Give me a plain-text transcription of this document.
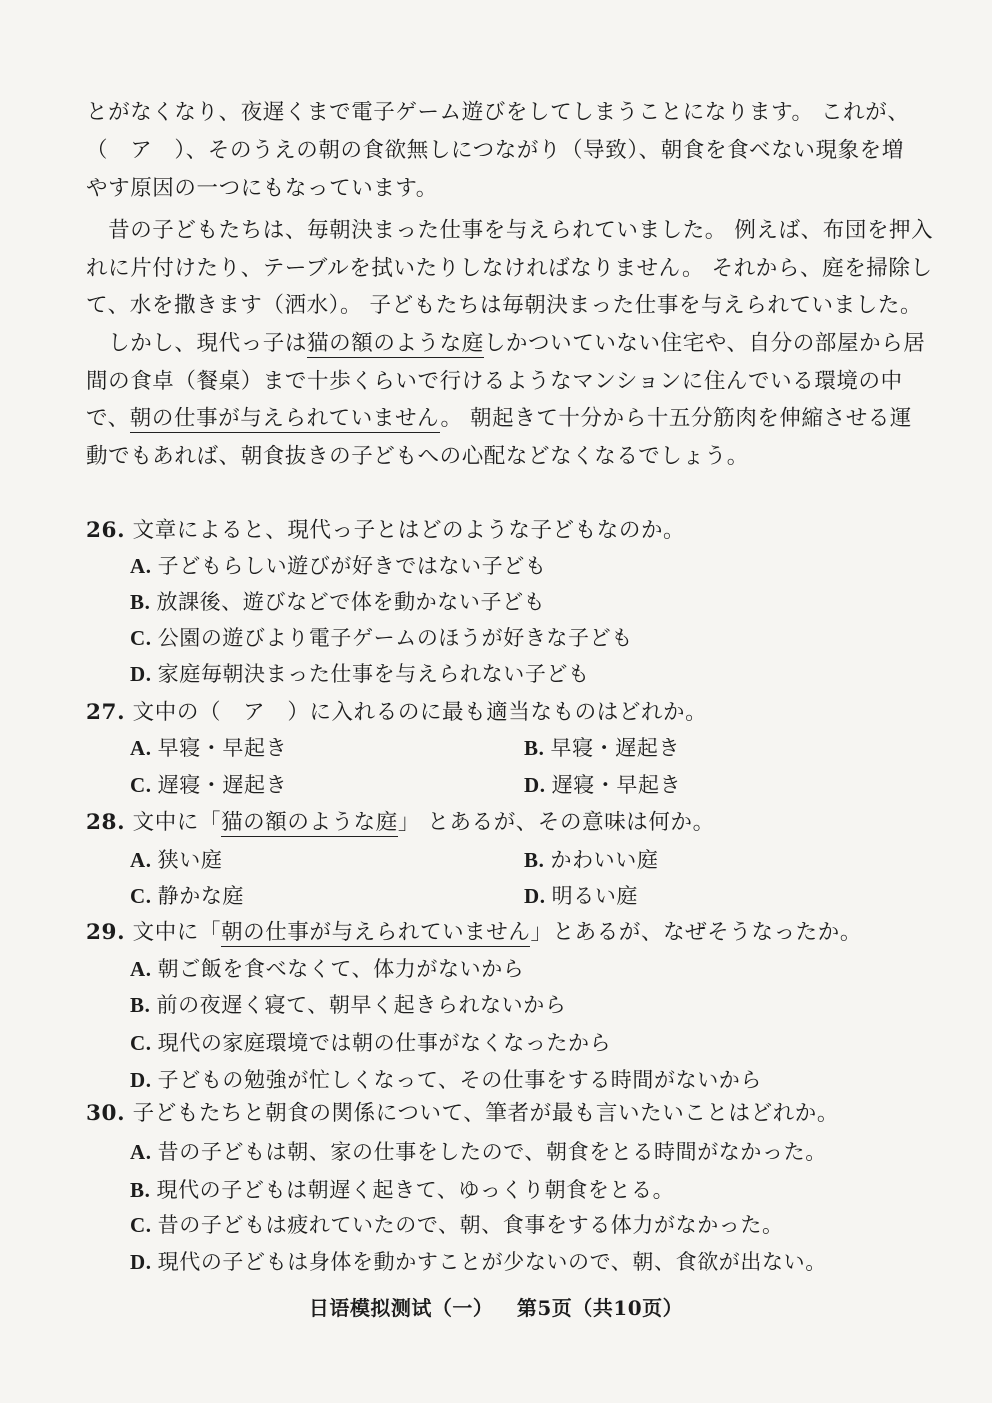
とがなくなり、夜遅くまで電子ゲーム遊びをしてしまうことになります。 これが、
（　ア　）、そのうえの朝の食欲無しにつながり（导致）、朝食を食べない現象を増
やす原因の一つにもなっています。
　昔の子どもたちは、毎朝決まった仕事を与えられていました。 例えば、布団を押入
れに片付けたり、テーブルを拭いたりしなければなりません。 それから、庭を掃除し
て、水を撒きます（洒水）。 子どもたちは毎朝決まった仕事を与えられていました。
　しかし、現代っ子は猫の額のような庭しかついていない住宅や、自分の部屋から居
間の食卓（餐桌）まで十歩くらいで行けるようなマンションに住んでいる環境の中
で、朝の仕事が与えられていません。 朝起きて十分から十五分筋肉を伸縮させる運
動でもあれば、朝食抜きの子どもへの心配などなくなるでしょう。
26. 文章によると、現代っ子とはどのような子どもなのか。
A. 子どもらしい遊びが好きではない子ども
B. 放課後、遊びなどで体を動かない子ども
C. 公園の遊びより電子ゲームのほうが好きな子ども
D. 家庭毎朝決まった仕事を与えられない子ども
27. 文中の（　ア　）に入れるのに最も適当なものはどれか。
A. 早寝・早起き	B. 早寝・遅起き
C. 遅寝・遅起き	D. 遅寝・早起き
28. 文中に「猫の額のような庭」 とあるが、その意味は何か。
A. 狭い庭	B. かわいい庭
C. 静かな庭	D. 明るい庭
29. 文中に「朝の仕事が与えられていません」とあるが、なぜそうなったか。
A. 朝ご飯を食べなくて、体力がないから
B. 前の夜遅く寝て、朝早く起きられないから
C. 現代の家庭環境では朝の仕事がなくなったから
D. 子どもの勉強が忙しくなって、その仕事をする時間がないから
30. 子どもたちと朝食の関係について、筆者が最も言いたいことはどれか。
A. 昔の子どもは朝、家の仕事をしたので、朝食をとる時間がなかった。
B. 現代の子どもは朝遅く起きて、ゆっくり朝食をとる。
C. 昔の子どもは疲れていたので、朝、食事をする体力がなかった。
D. 現代の子どもは身体を動かすことが少ないので、朝、食欲が出ない。
日语模拟测试（一） 第5页（共10页）
